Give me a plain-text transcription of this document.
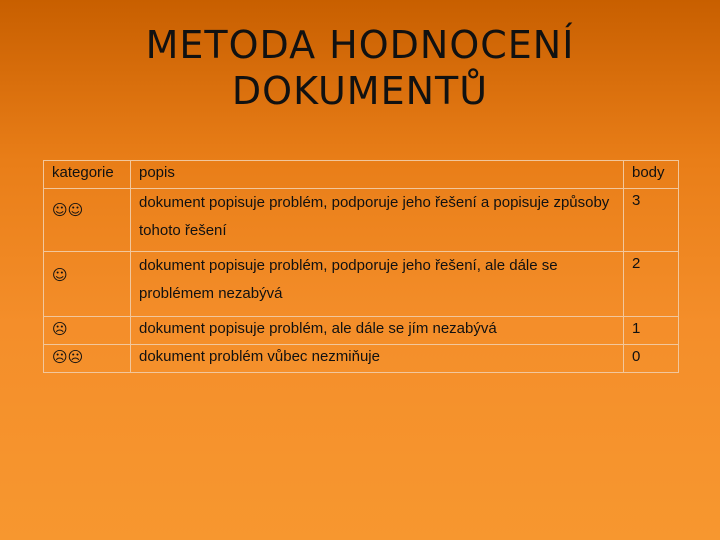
METODA HODNOCENÍ
DOKUMENTŮ
kategorie	popis	body
☺☺	dokument popisuje problém, podporuje jeho řešení a popisuje způsoby tohoto řešení	3
☺	dokument popisuje problém, podporuje jeho řešení, ale dále se problémem nezabývá	2
☹	dokument popisuje problém, ale dále se jím nezabývá	1
☹☹	dokument problém vůbec nezmiňuje	0
